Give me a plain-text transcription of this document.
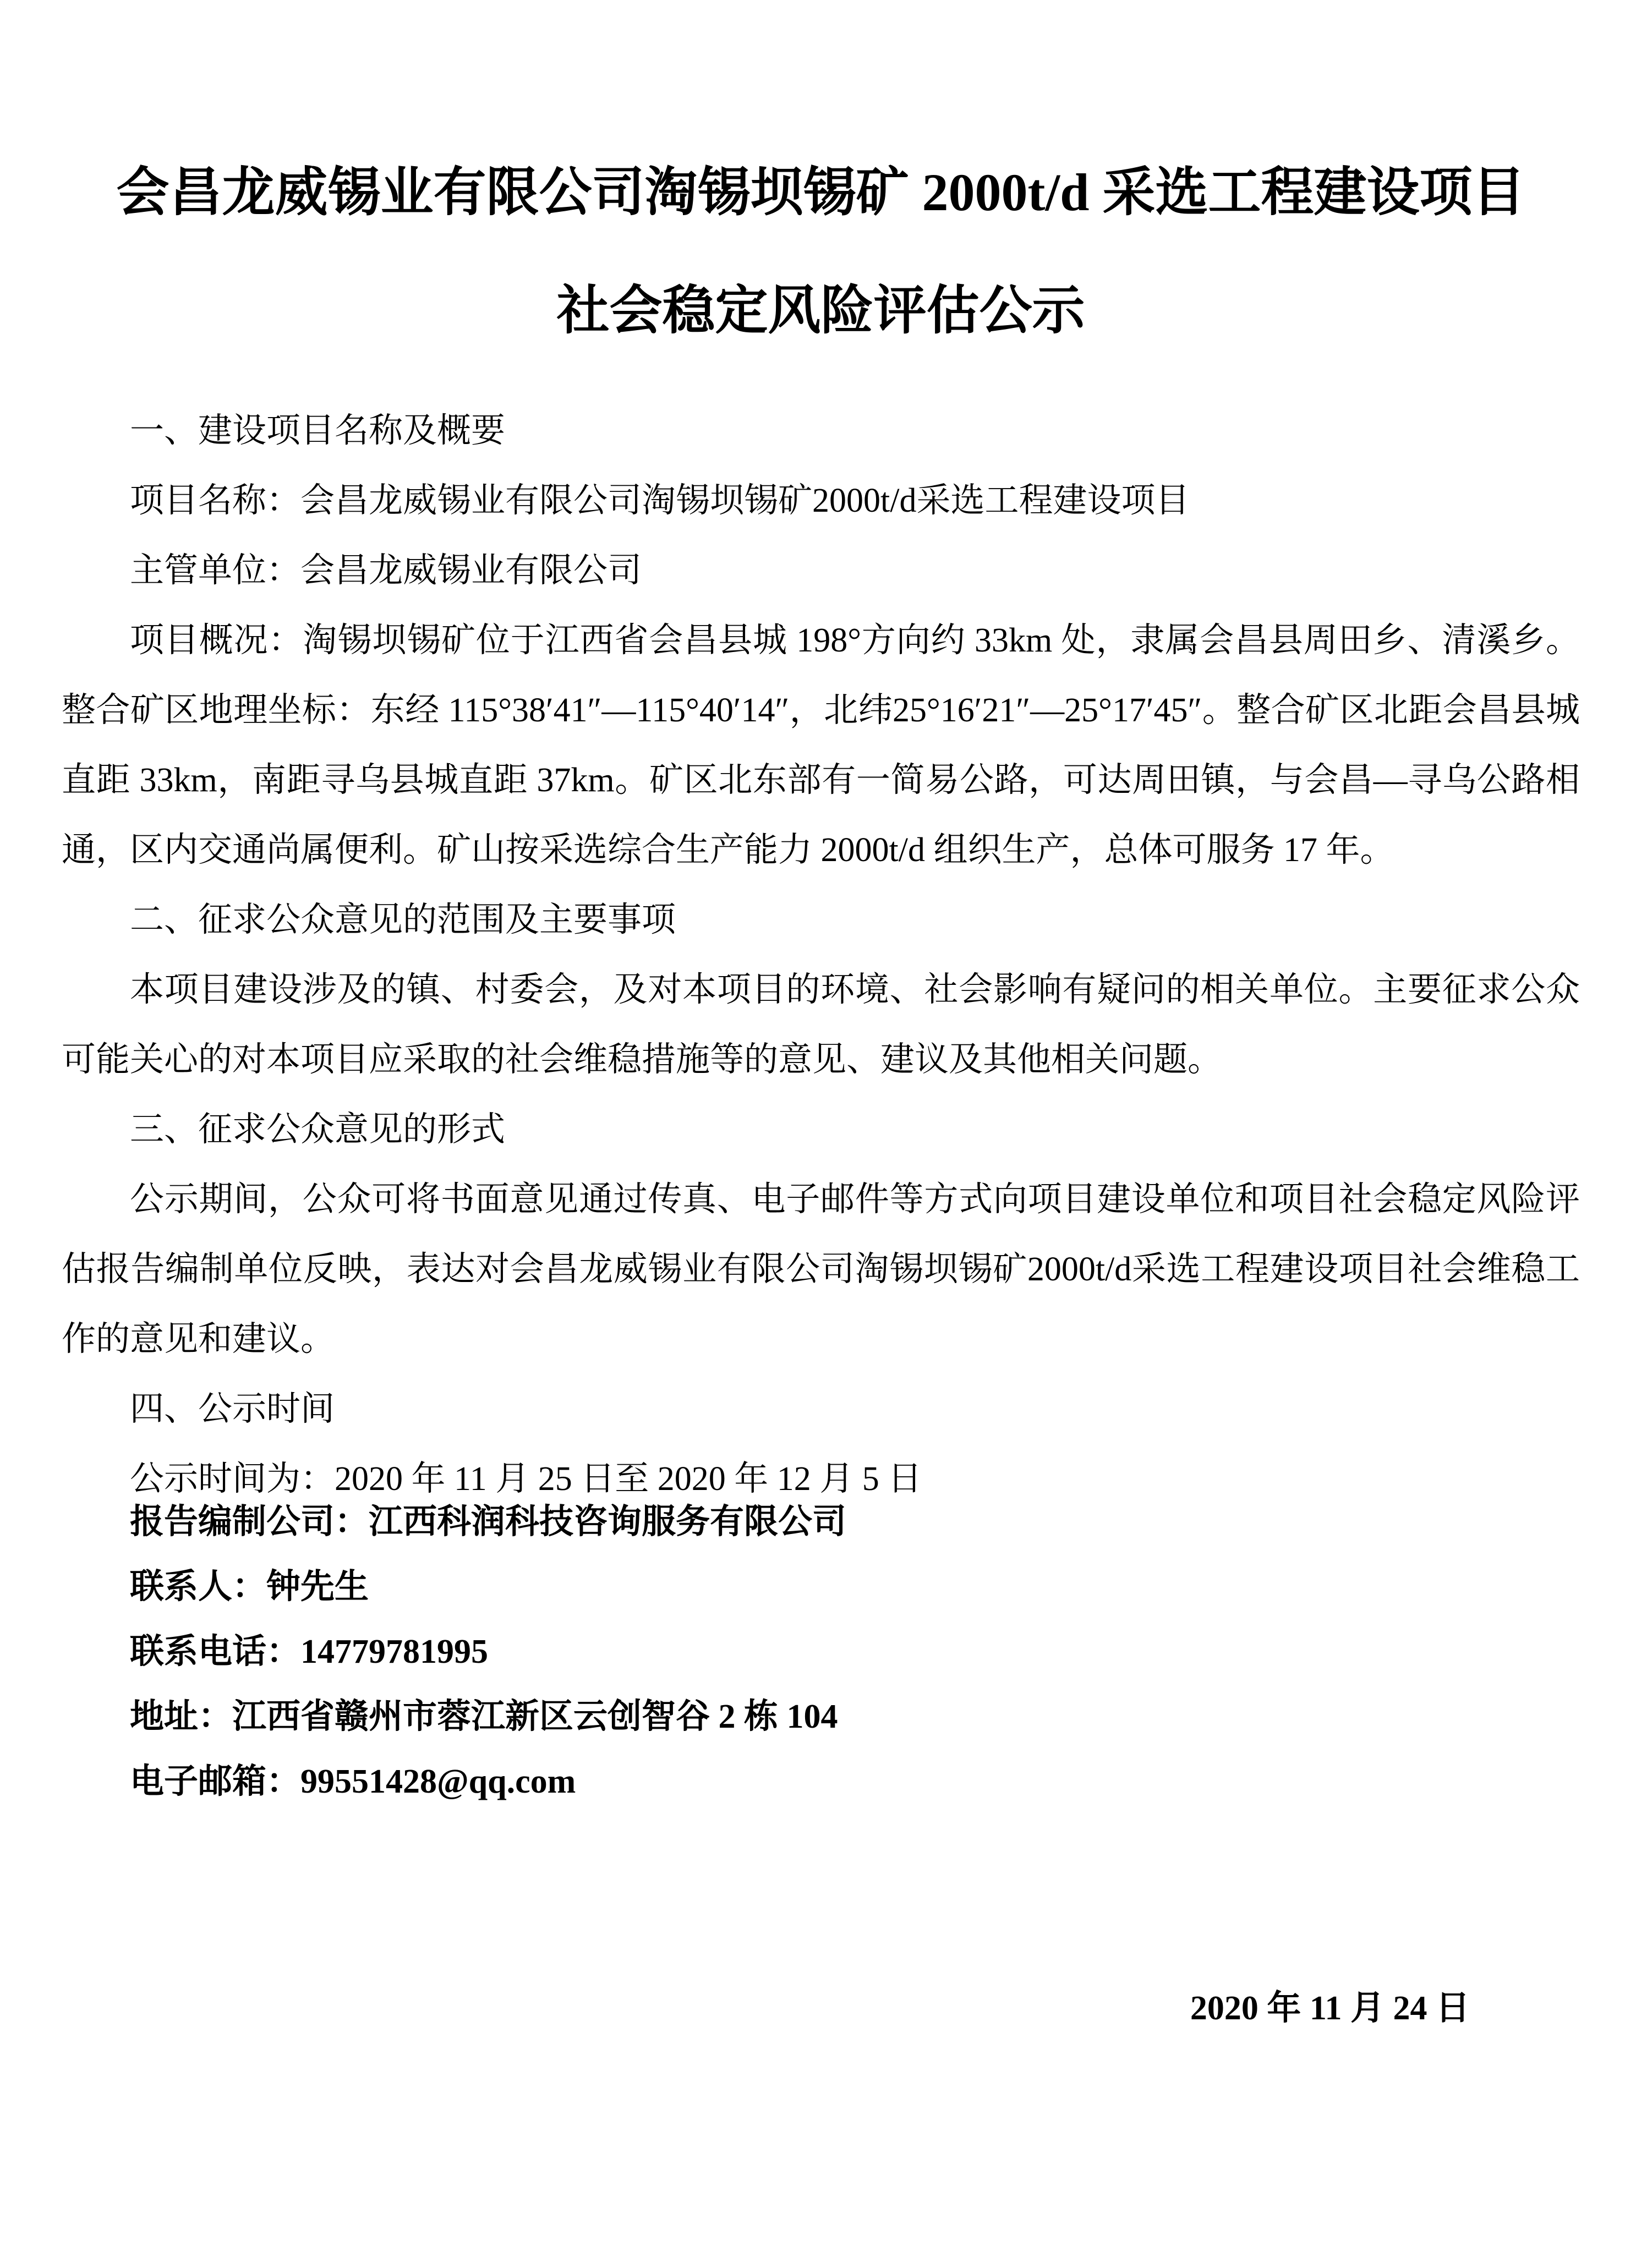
会昌龙威锡业有限公司淘锡坝锡矿 2000t/d 采选工程建设项目

社会稳定风险评估公示

一、建设项目名称及概要

项目名称：会昌龙威锡业有限公司淘锡坝锡矿2000t/d采选工程建设项目

主管单位：会昌龙威锡业有限公司

项目概况：淘锡坝锡矿位于江西省会昌县城 198°方向约 33km 处，隶属会昌县周田乡、清溪乡。整合矿区地理坐标：东经 115°38′41″—115°40′14″，北纬25°16′21″—25°17′45″。整合矿区北距会昌县城直距 33km，南距寻乌县城直距 37km。矿区北东部有一简易公路，可达周田镇，与会昌—寻乌公路相通，区内交通尚属便利。矿山按采选综合生产能力 2000t/d 组织生产，总体可服务 17 年。

二、征求公众意见的范围及主要事项

本项目建设涉及的镇、村委会，及对本项目的环境、社会影响有疑问的相关单位。主要征求公众可能关心的对本项目应采取的社会维稳措施等的意见、建议及其他相关问题。

三、征求公众意见的形式

公示期间，公众可将书面意见通过传真、电子邮件等方式向项目建设单位和项目社会稳定风险评估报告编制单位反映，表达对会昌龙威锡业有限公司淘锡坝锡矿2000t/d采选工程建设项目社会维稳工作的意见和建议。

四、公示时间

公示时间为：2020 年 11 月 25 日至 2020 年 12 月 5 日

报告编制公司：江西科润科技咨询服务有限公司

联系人：钟先生

联系电话：14779781995

地址：江西省赣州市蓉江新区云创智谷 2 栋 104

电子邮箱：99551428@qq.com

2020 年 11 月 24 日
